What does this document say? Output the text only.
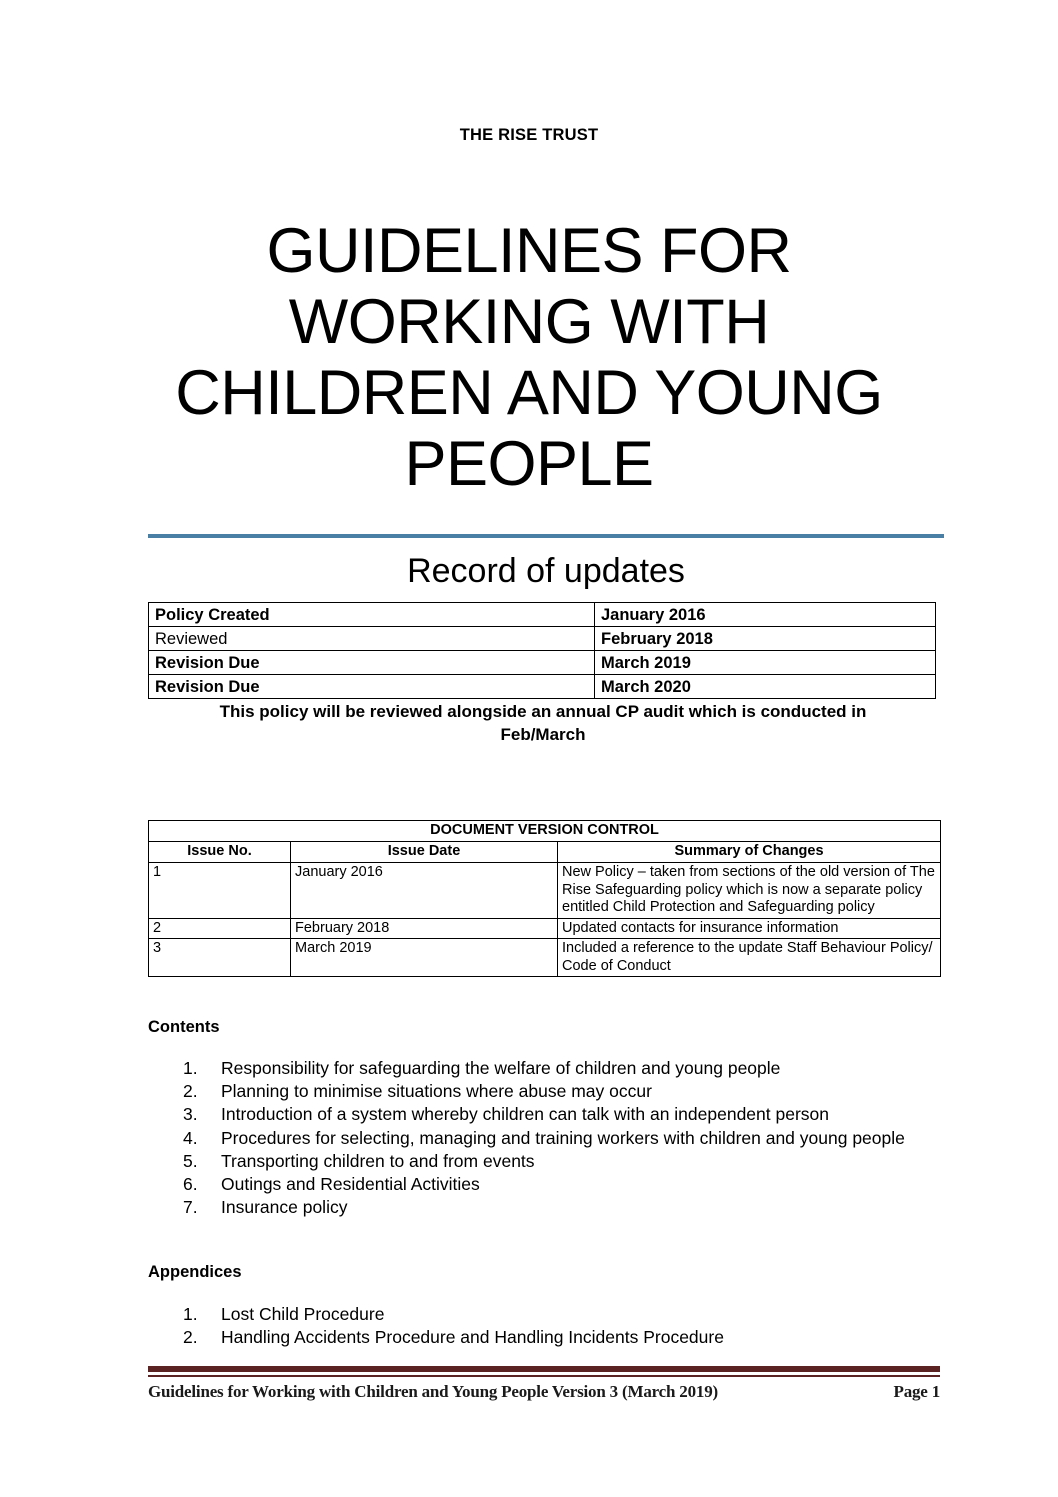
THE RISE TRUST
GUIDELINES FOR WORKING WITH CHILDREN AND YOUNG PEOPLE
Record of updates
Policy Created	January 2016
Reviewed	February 2018
Revision Due	March 2019
Revision Due	March 2020
This policy will be reviewed alongside an annual CP audit which is conducted in Feb/March
DOCUMENT VERSION CONTROL		
Issue No.	Issue Date	Summary of Changes
1	January 2016	New Policy – taken from sections of the old version of The Rise Safeguarding policy which is now a separate policy entitled Child Protection and Safeguarding policy
2	February 2018	Updated contacts for insurance information
3	March 2019	Included a reference to the update Staff Behaviour Policy/ Code of Conduct
Contents
1.	Responsibility for safeguarding the welfare of children and young people
2.	Planning to minimise situations where abuse may occur
3.	Introduction of a system whereby children can talk with an independent person
4.	Procedures for selecting, managing and training workers with children and young people
5.	Transporting children to and from events
6.	Outings and Residential Activities
7.	Insurance policy
Appendices
1.	Lost Child Procedure
2.	Handling Accidents Procedure and Handling Incidents Procedure
Guidelines for Working with Children and Young People Version 3 (March 2019)	Page 1
